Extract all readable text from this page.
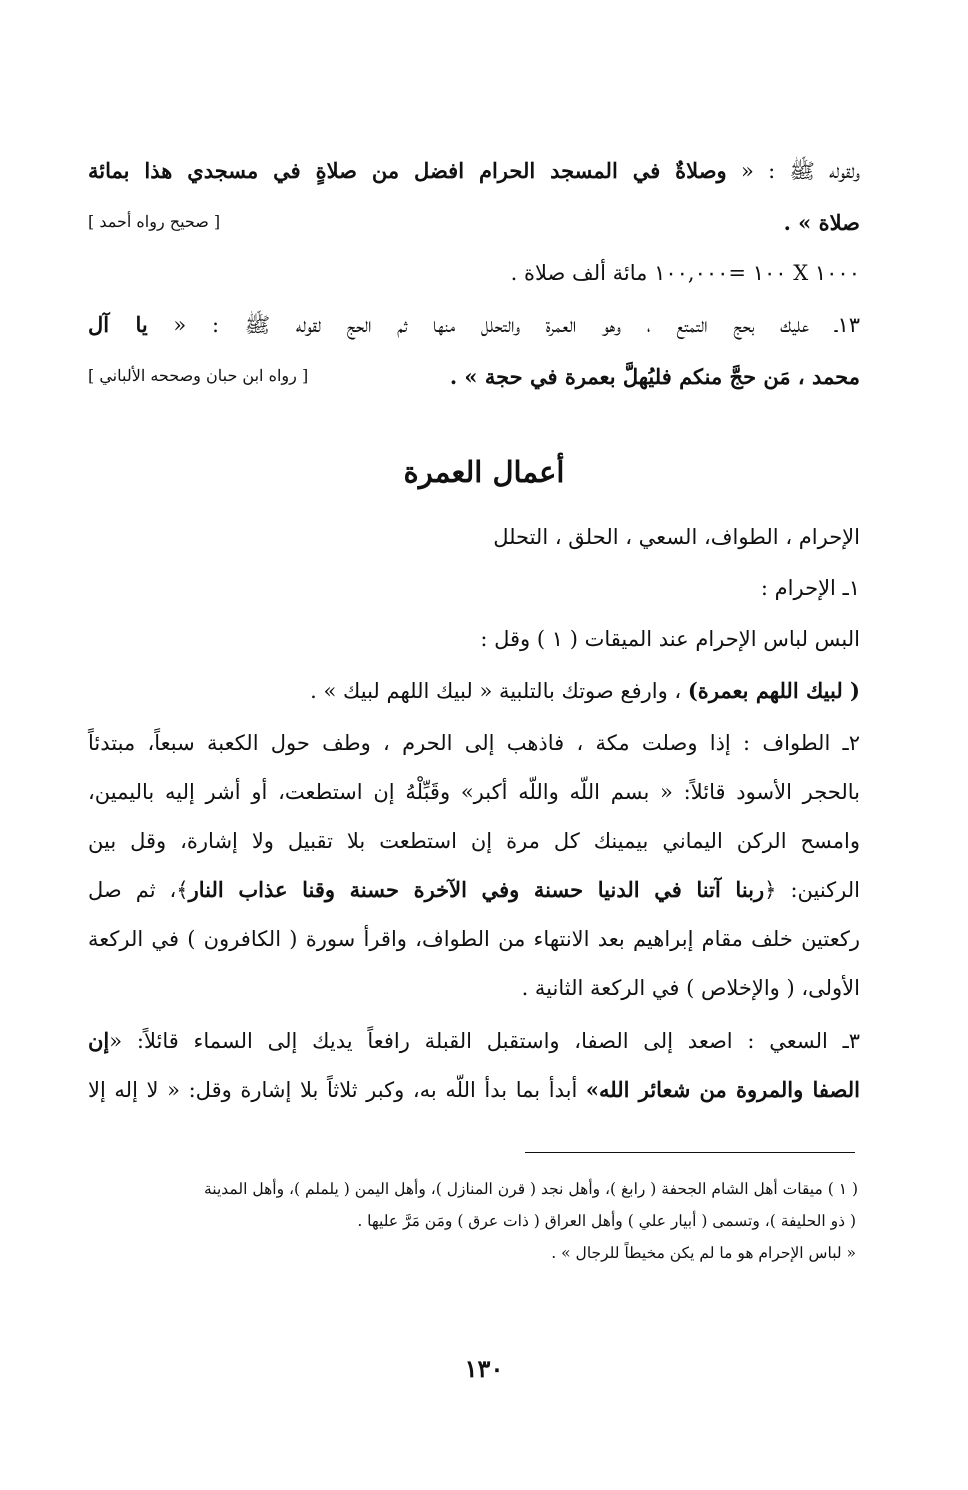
ولقوله ﷺ : « وصلاةٌ في المسجد الحرام افضل من صلاةٍ في مسجدي هذا بمائة
صلاة » .
[ صحيح رواه أحمد ]
١٠٠٠ X ١٠٠ =١٠٠,٠٠٠ مائة ألف صلاة .
١٣ـ عليك بحج التمتع ، وهو العمرة والتحلل منها ثم الحج لقوله ﷺ : « يا آل
محمد ، مَن حجَّ منكم فليُهلَّ بعمرة في حجة » .
[ رواه ابن حبان وصححه الألباني ]
أعمال العمرة
الإحرام ، الطواف، السعي ، الحلق ، التحلل
١ـ الإحرام :
البس لباس الإحرام عند الميقات ( ١ ) وقل :
( لبيك اللهم بعمرة) ، وارفع صوتك بالتلبية « لبيك اللهم لبيك » .
٢ـ الطواف : إذا وصلت مكة ، فاذهب إلى الحرم ، وطف حول الكعبة سبعاً، مبتدئاً
بالحجر الأسود قائلاً: « بسم اللّه واللّه أكبر» وقَبِّلْهُ إن استطعت، أو أشر إليه باليمين،
وامسح الركن اليماني بيمينك كل مرة إن استطعت بلا تقبيل ولا إشارة، وقل بين
الركنين: ﴿ربنا آتنا في الدنيا حسنة وفي الآخرة حسنة وقنا عذاب النار﴾، ثم صل
ركعتين خلف مقام إبراهيم بعد الانتهاء من الطواف، واقرأ سورة ( الكافرون ) في الركعة
الأولى، ( والإخلاص ) في الركعة الثانية .
٣ـ السعي : اصعد إلى الصفا، واستقبل القبلة رافعاً يديك إلى السماء قائلاً: «إن
الصفا والمروة من شعائر الله» أبدأ بما بدأ اللّه به، وكبر ثلاثاً بلا إشارة وقل: « لا إله إلا
( ١ ) ميقات أهل الشام الجحفة ( رابغ )، وأهل نجد ( قرن المنازل )، وأهل اليمن ( يلملم )، وأهل المدينة
( ذو الحليفة )، وتسمى ( أبيار علي ) وأهل العراق ( ذات عرق ) ومَن مَرَّ عليها .
« لباس الإحرام هو ما لم يكن مخيطاً للرجال » .
١٣٠
